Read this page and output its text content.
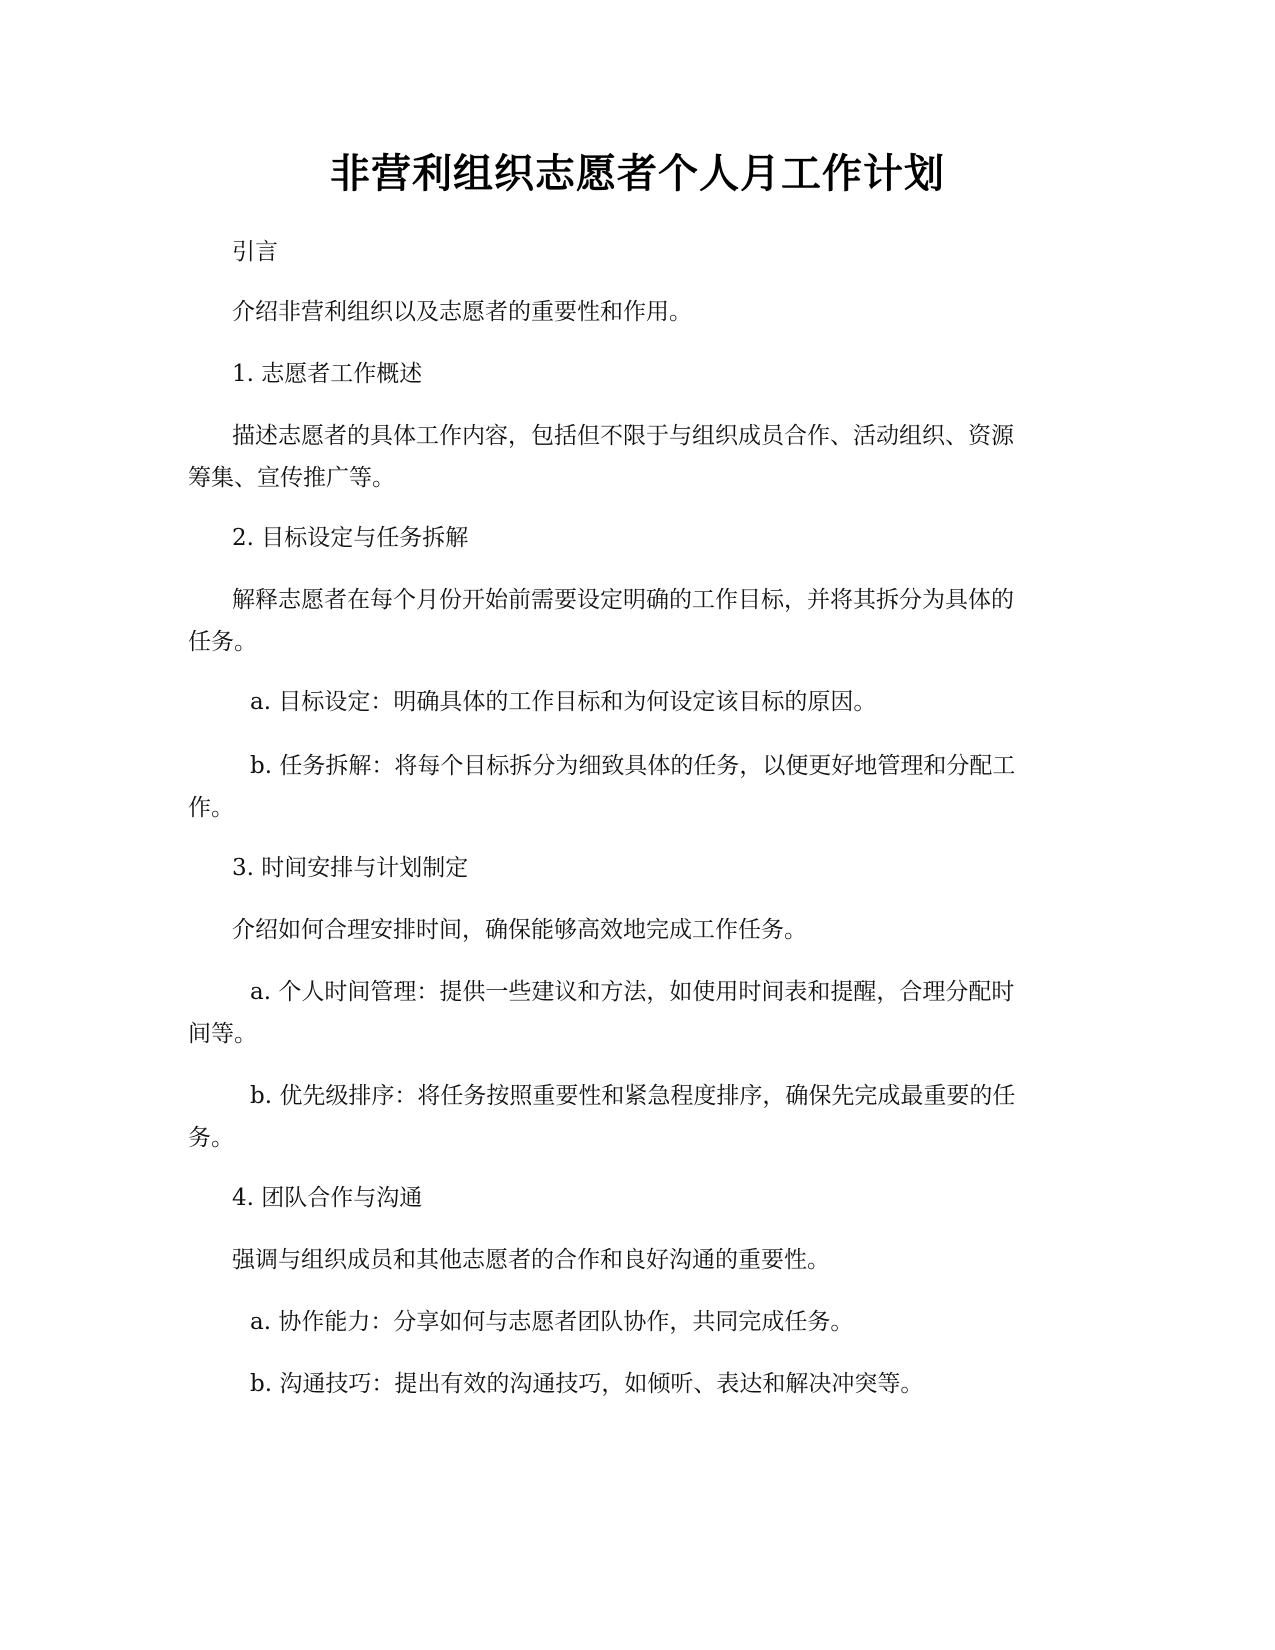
非营利组织志愿者个人月工作计划

引言

介绍非营利组织以及志愿者的重要性和作用。

1. 志愿者工作概述

描述志愿者的具体工作内容，包括但不限于与组织成员合作、活动组织、资源
筹集、宣传推广等。

2. 目标设定与任务拆解

解释志愿者在每个月份开始前需要设定明确的工作目标，并将其拆分为具体的
任务。

a. 目标设定：明确具体的工作目标和为何设定该目标的原因。

b. 任务拆解：将每个目标拆分为细致具体的任务，以便更好地管理和分配工
作。

3. 时间安排与计划制定

介绍如何合理安排时间，确保能够高效地完成工作任务。

a. 个人时间管理：提供一些建议和方法，如使用时间表和提醒，合理分配时
间等。

b. 优先级排序：将任务按照重要性和紧急程度排序，确保先完成最重要的任
务。

4. 团队合作与沟通

强调与组织成员和其他志愿者的合作和良好沟通的重要性。

a. 协作能力：分享如何与志愿者团队协作，共同完成任务。

b. 沟通技巧：提出有效的沟通技巧，如倾听、表达和解决冲突等。
